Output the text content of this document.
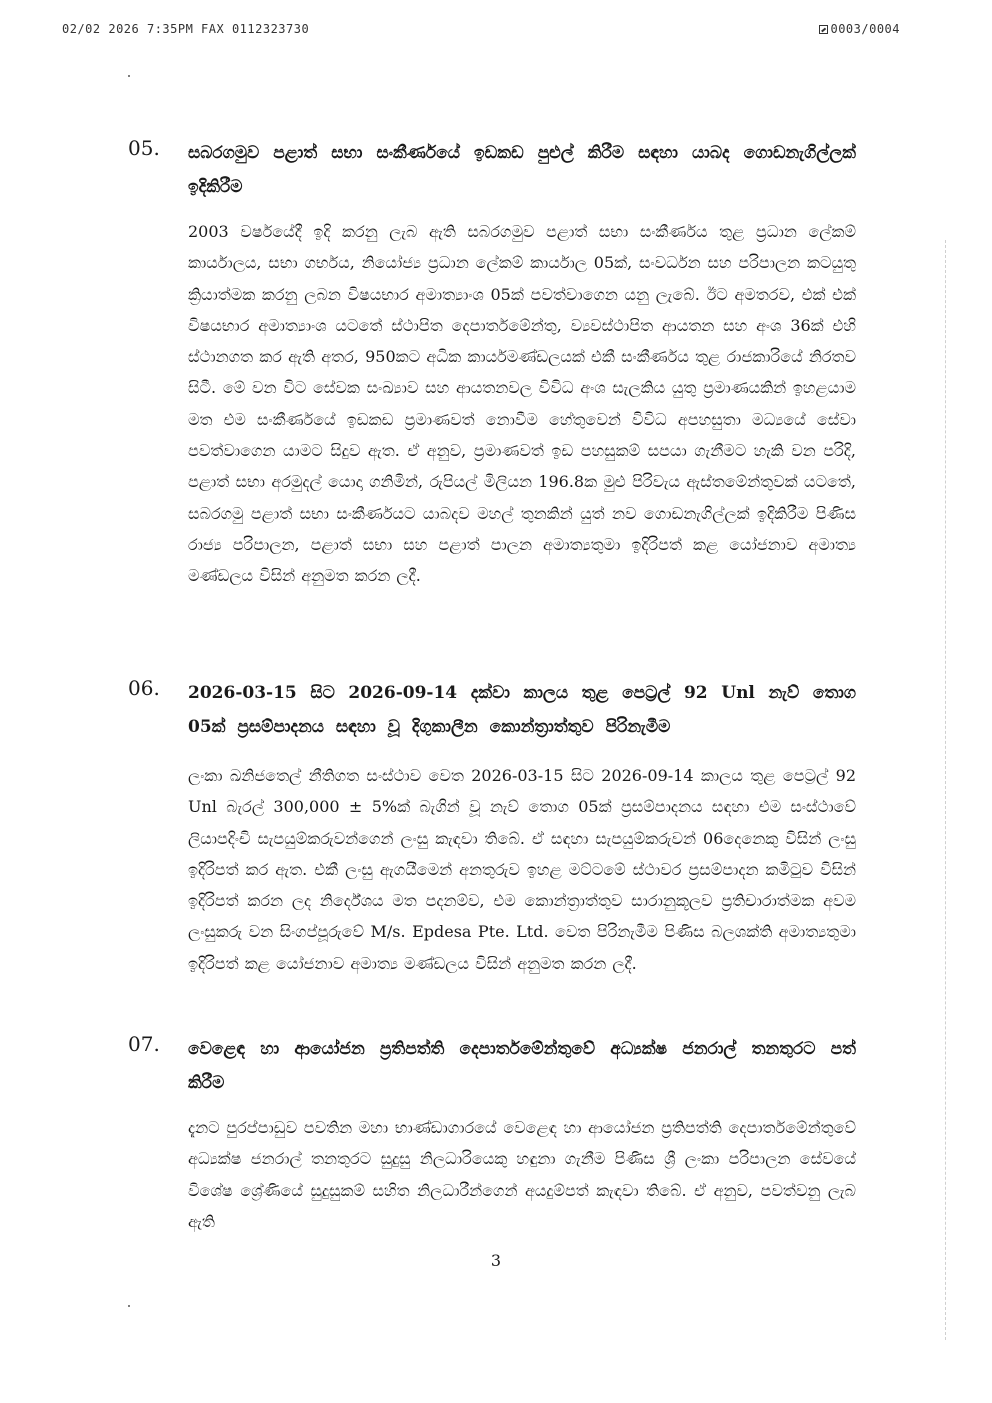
02/02 2026 7:35PM FAX 0112323730	0003/0004
05. සබරගමුව පළාත් සභා සංකීර්ණයේ ඉඩකඩ පුළුල් කිරීම සඳහා යාබද ගොඩනැගිල්ලක් ඉදිකිරීම
2003 වර්ෂයේදී ඉදි කරනු ලැබ ඇති සබරගමුව පළාත් සභා සංකීර්ණය තුළ ප්‍රධාන ලේකම් කාර්යාලය, සභා ගර්භය, නියෝජ්‍ය ප්‍රධාන ලේකම් කාර්යාල 05ක්, සංවර්ධන සහ පරිපාලන කටයුතු ක්‍රියාත්මක කරනු ලබන විෂයභාර අමාත්‍යාංශ 05ක් පවත්වාගෙන යනු ලැබේ. ඊට අමතරව, එක් එක් විෂයභාර අමාත්‍යාංශ යටතේ ස්ථාපිත දෙපාර්තමේන්තු, ව්‍යවස්ථාපිත ආයතන සහ අංශ 36ක් එහි ස්ථානගත කර ඇති අතර, 950කට අධික කාර්යමණ්ඩලයක් එකී සංකීර්ණය තුළ රාජකාරියේ නිරතව සිටී. මේ වන විට සේවක සංඛ්‍යාව සහ ආයතනවල විවිධ අංශ සැලකිය යුතු ප්‍රමාණයකින් ඉහළයාම මත එම සංකීර්ණයේ ඉඩකඩ ප්‍රමාණවත් නොවීම හේතුවෙන් විවිධ අපහසුතා මධ්‍යයේ සේවා පවත්වාගෙන යාමට සිදුව ඇත. ඒ අනුව, ප්‍රමාණවත් ඉඩ පහසුකම් සපයා ගැනීමට හැකි වන පරිදි, පළාත් සභා අරමුදල් යොදා ගනිමින්, රුපියල් මිලියන 196.8ක මුළු පිරිවැය ඇස්තමේන්තුවක් යටතේ, සබරගමු පළාත් සභා සංකීර්ණයට යාබදව මහල් තුනකින් යුත් නව ගොඩනැගිල්ලක් ඉදිකිරීම පිණිස රාජ්‍ය පරිපාලන, පළාත් සභා සහ පළාත් පාලන අමාත්‍යතුමා ඉදිරිපත් කළ යෝජනාව අමාත්‍ය මණ්ඩලය විසින් අනුමත කරන ලදී.
06. 2026-03-15 සිට 2026-09-14 දක්වා කාලය තුළ පෙට්‍රල් 92 Unl නැව් තොග 05ක් ප්‍රසම්පාදනය සඳහා වූ දිගුකාලීන කොන්ත්‍රාත්තුව පිරිනැමීම
ලංකා ඛනිජතෙල් නීතිගත සංස්ථාව වෙත 2026-03-15 සිට 2026-09-14 කාලය තුළ පෙට්‍රල් 92 Unl බැරල් 300,000 ± 5%ක් බැගින් වූ නැව් තොග 05ක් ප්‍රසම්පාදනය සඳහා එම සංස්ථාවේ ලියාපදිංචි සැපයුම්කරුවන්ගෙන් ලංසු කැඳවා තිබේ. ඒ සඳහා සැපයුම්කරුවන් 06දෙනෙකු විසින් ලංසු ඉදිරිපත් කර ඇත. එකී ලංසු ඇගයීමෙන් අනතුරුව ඉහළ මට්ටමේ ස්ථාවර ප්‍රසම්පාදන කමිටුව විසින් ඉදිරිපත් කරන ලද නිර්දේශය මත පදනම්ව, එම කොන්ත්‍රාත්තුව සාරානුකූලව ප්‍රතිචාරාත්මක අවම ලංසුකරු වන සිංගප්පූරුවේ M/s. Epdesa Pte. Ltd. වෙත පිරිනැමීම පිණිස බලශක්ති අමාත්‍යතුමා ඉදිරිපත් කළ යෝජනාව අමාත්‍ය මණ්ඩලය විසින් අනුමත කරන ලදී.
07. වෙළෙඳ හා ආයෝජන ප්‍රතිපත්ති දෙපාර්තමේන්තුවේ අධ්‍යක්ෂ ජනරාල් තනතුරට පත් කිරීම
දැනට පුරප්පාඩුව පවතින මහා භාණ්ඩාගාරයේ වෙළෙඳ හා ආයෝජන ප්‍රතිපත්ති දෙපාර්තමේන්තුවේ අධ්‍යක්ෂ ජනරාල් තනතුරට සුදුසු නිලධාරියෙකු හඳුනා ගැනීම පිණිස ශ්‍රී ලංකා පරිපාලන සේවයේ විශේෂ ශ්‍රේණියේ සුදුසුකම් සහිත නිලධාරීන්ගෙන් අයදුම්පත් කැඳවා තිබේ. ඒ අනුව, පවත්වනු ලැබ ඇති
3
